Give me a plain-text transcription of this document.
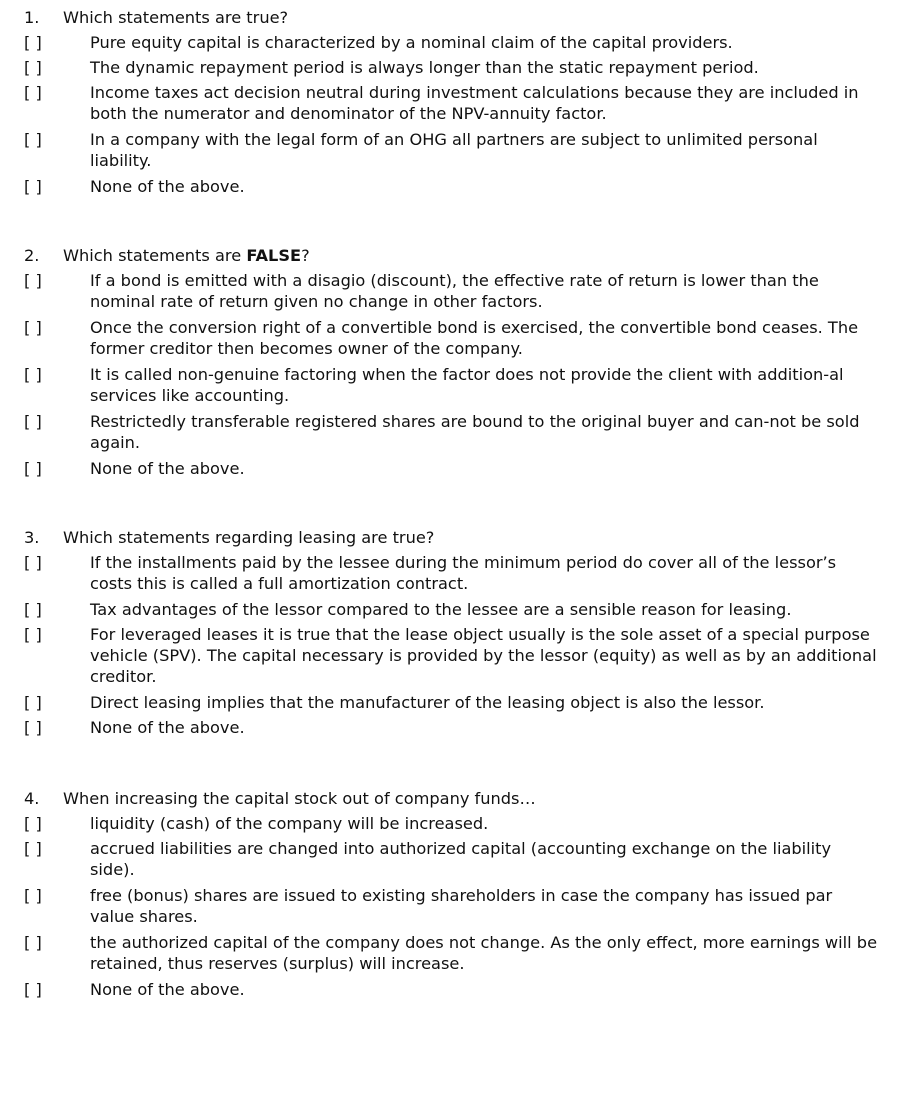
1. Which statements are true?
[ ]	Pure equity capital is characterized by a nominal claim of the capital providers.
[ ]	The dynamic repayment period is always longer than the static repayment period.
[ ]	Income taxes act decision neutral during investment calculations because they are included in both the numerator and denominator of the NPV-annuity factor.
[ ]	In a company with the legal form of an OHG all partners are subject to unlimited personal liability.
[ ]	None of the above.
2. Which statements are FALSE?
[ ]	If a bond is emitted with a disagio (discount), the effective rate of return is lower than the nominal rate of return given no change in other factors.
[ ]	Once the conversion right of a convertible bond is exercised, the convertible bond ceases. The former creditor then becomes owner of the company.
[ ]	It is called non-genuine factoring when the factor does not provide the client with addition-al services like accounting.
[ ]	Restrictedly transferable registered shares are bound to the original buyer and can-not be sold again.
[ ]	None of the above.
3. Which statements regarding leasing are true?
[ ]	If the installments paid by the lessee during the minimum period do cover all of the lessor’s costs this is called a full amortization contract.
[ ]	Tax advantages of the lessor compared to the lessee are a sensible reason for leasing.
[ ]	For leveraged leases it is true that the lease object usually is the sole asset of a special purpose vehicle (SPV). The capital necessary is provided by the lessor (equity) as well as by an additional creditor.
[ ]	Direct leasing implies that the manufacturer of the leasing object is also the lessor.
[ ]	None of the above.
4. When increasing the capital stock out of company funds…
[ ]	liquidity (cash) of the company will be increased.
[ ]	accrued liabilities are changed into authorized capital (accounting exchange on the liability side).
[ ]	free (bonus) shares are issued to existing shareholders in case the company has issued par value shares.
[ ]	the authorized capital of the company does not change. As the only effect, more earnings will be retained, thus reserves (surplus) will increase.
[ ]	None of the above.
